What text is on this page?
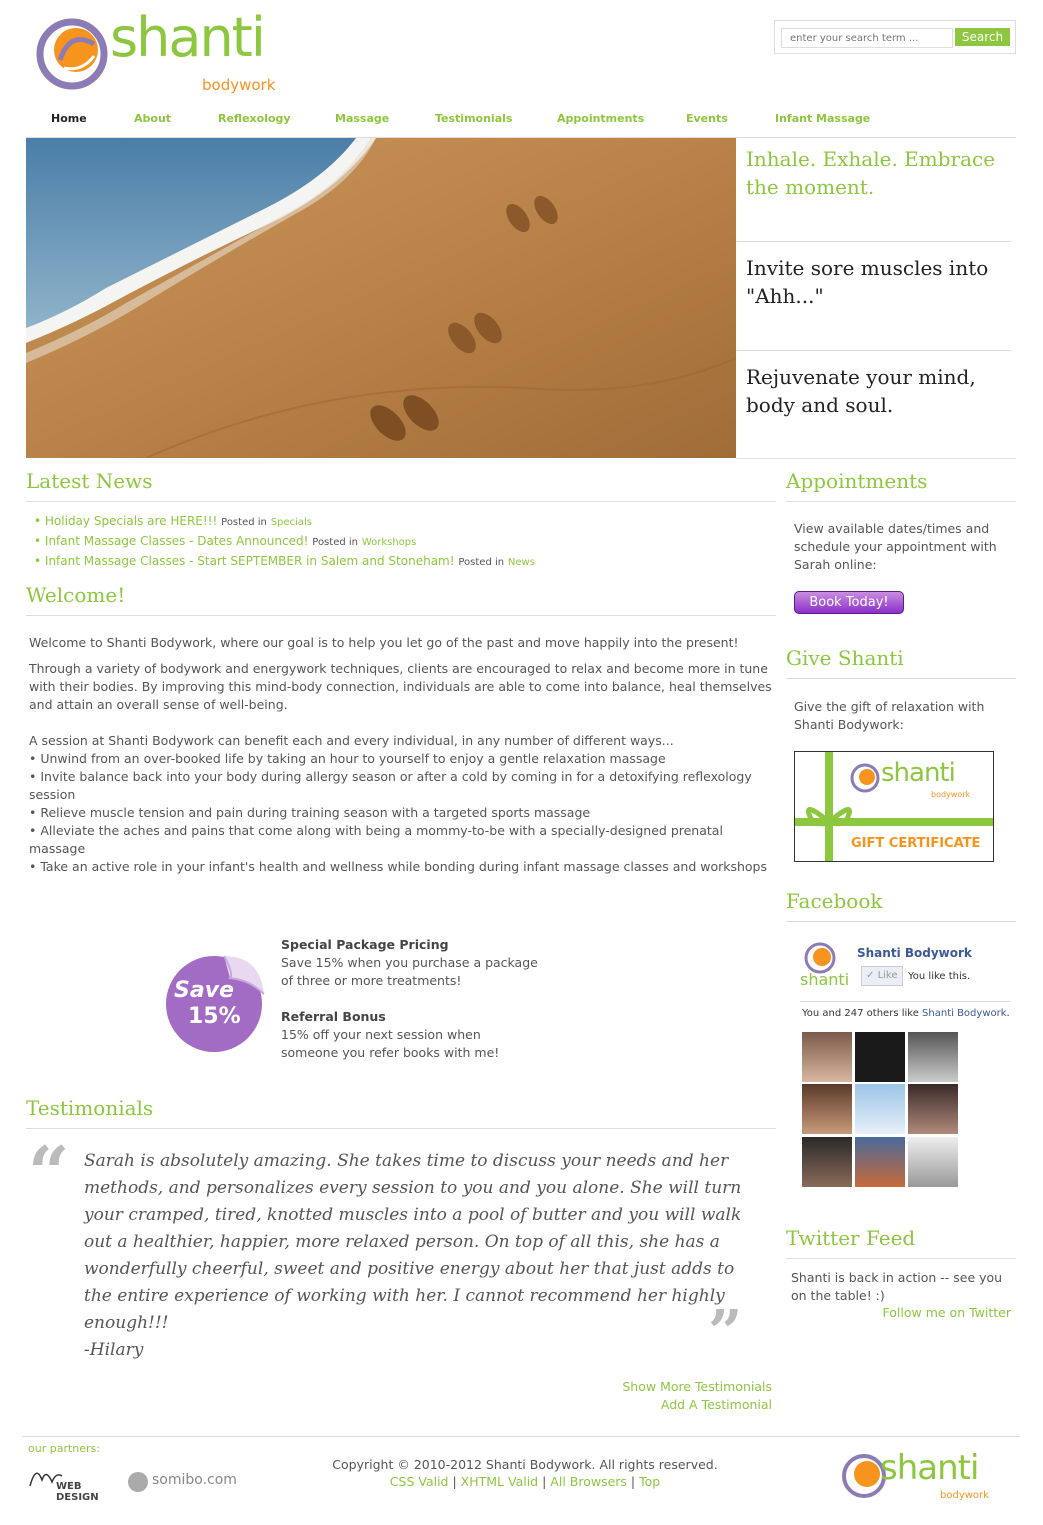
shanti
bodywork
enter your search term ...
Search
Home	About	Reflexology	Massage	Testimonials	Appointments	Events	Infant Massage
Inhale. Exhale. Embrace the moment.
Invite sore muscles into "Ahh..."
Rejuvenate your mind, body and soul.
Latest News
• Holiday Specials are HERE!!! Posted in Specials
• Infant Massage Classes - Dates Announced! Posted in Workshops
• Infant Massage Classes - Start SEPTEMBER in Salem and Stoneham! Posted in News
Welcome!

Welcome to Shanti Bodywork, where our goal is to help you let go of the past and move happily into the present!

Through a variety of bodywork and energywork techniques, clients are encouraged to relax and become more in tune with their bodies. By improving this mind-body connection, individuals are able to come into balance, heal themselves and attain an overall sense of well-being.

A session at Shanti Bodywork can benefit each and every individual, in any number of different ways...

• Unwind from an over-booked life by taking an hour to yourself to enjoy a gentle relaxation massage
• Invite balance back into your body during allergy season or after a cold by coming in for a detoxifying reflexology session
• Relieve muscle tension and pain during training season with a targeted sports massage
• Alleviate the aches and pains that come along with being a mommy-to-be with a specially-designed prenatal massage
• Take an active role in your infant's health and wellness while bonding during infant massage classes and workshops
Save
15%
Special Package Pricing
Save 15% when you purchase a package of three or more treatments!
Referral Bonus
15% off your next session when someone you refer books with me!
Testimonials
“ Sarah is absolutely amazing. She takes time to discuss your needs and her methods, and personalizes every session to you and you alone. She will turn your cramped, tired, knotted muscles into a pool of butter and you will walk out a healthier, happier, more relaxed person. On top of all this, she has a wonderfully cheerful, sweet and positive energy about her that just adds to the entire experience of working with her. I cannot recommend her highly enough!!!
-Hilary	”
Show More Testimonials
Add A Testimonial
Appointments
View available dates/times and schedule your appointment with Sarah online:
Book Today!
Give Shanti
Give the gift of relaxation with Shanti Bodywork:
shanti
bodywork
GIFT CERTIFICATE
Facebook
shanti
Shanti Bodywork
✓ Like	You like this.
You and 247 others like Shanti Bodywork.
Twitter Feed
Shanti is back in action -- see you on the table! :)
Follow me on Twitter
our partners:
WEB DESIGN
somibo.com
Copyright © 2010-2012 Shanti Bodywork. All rights reserved.
CSS Valid | XHTML Valid | All Browsers | Top	shanti
bodywork
